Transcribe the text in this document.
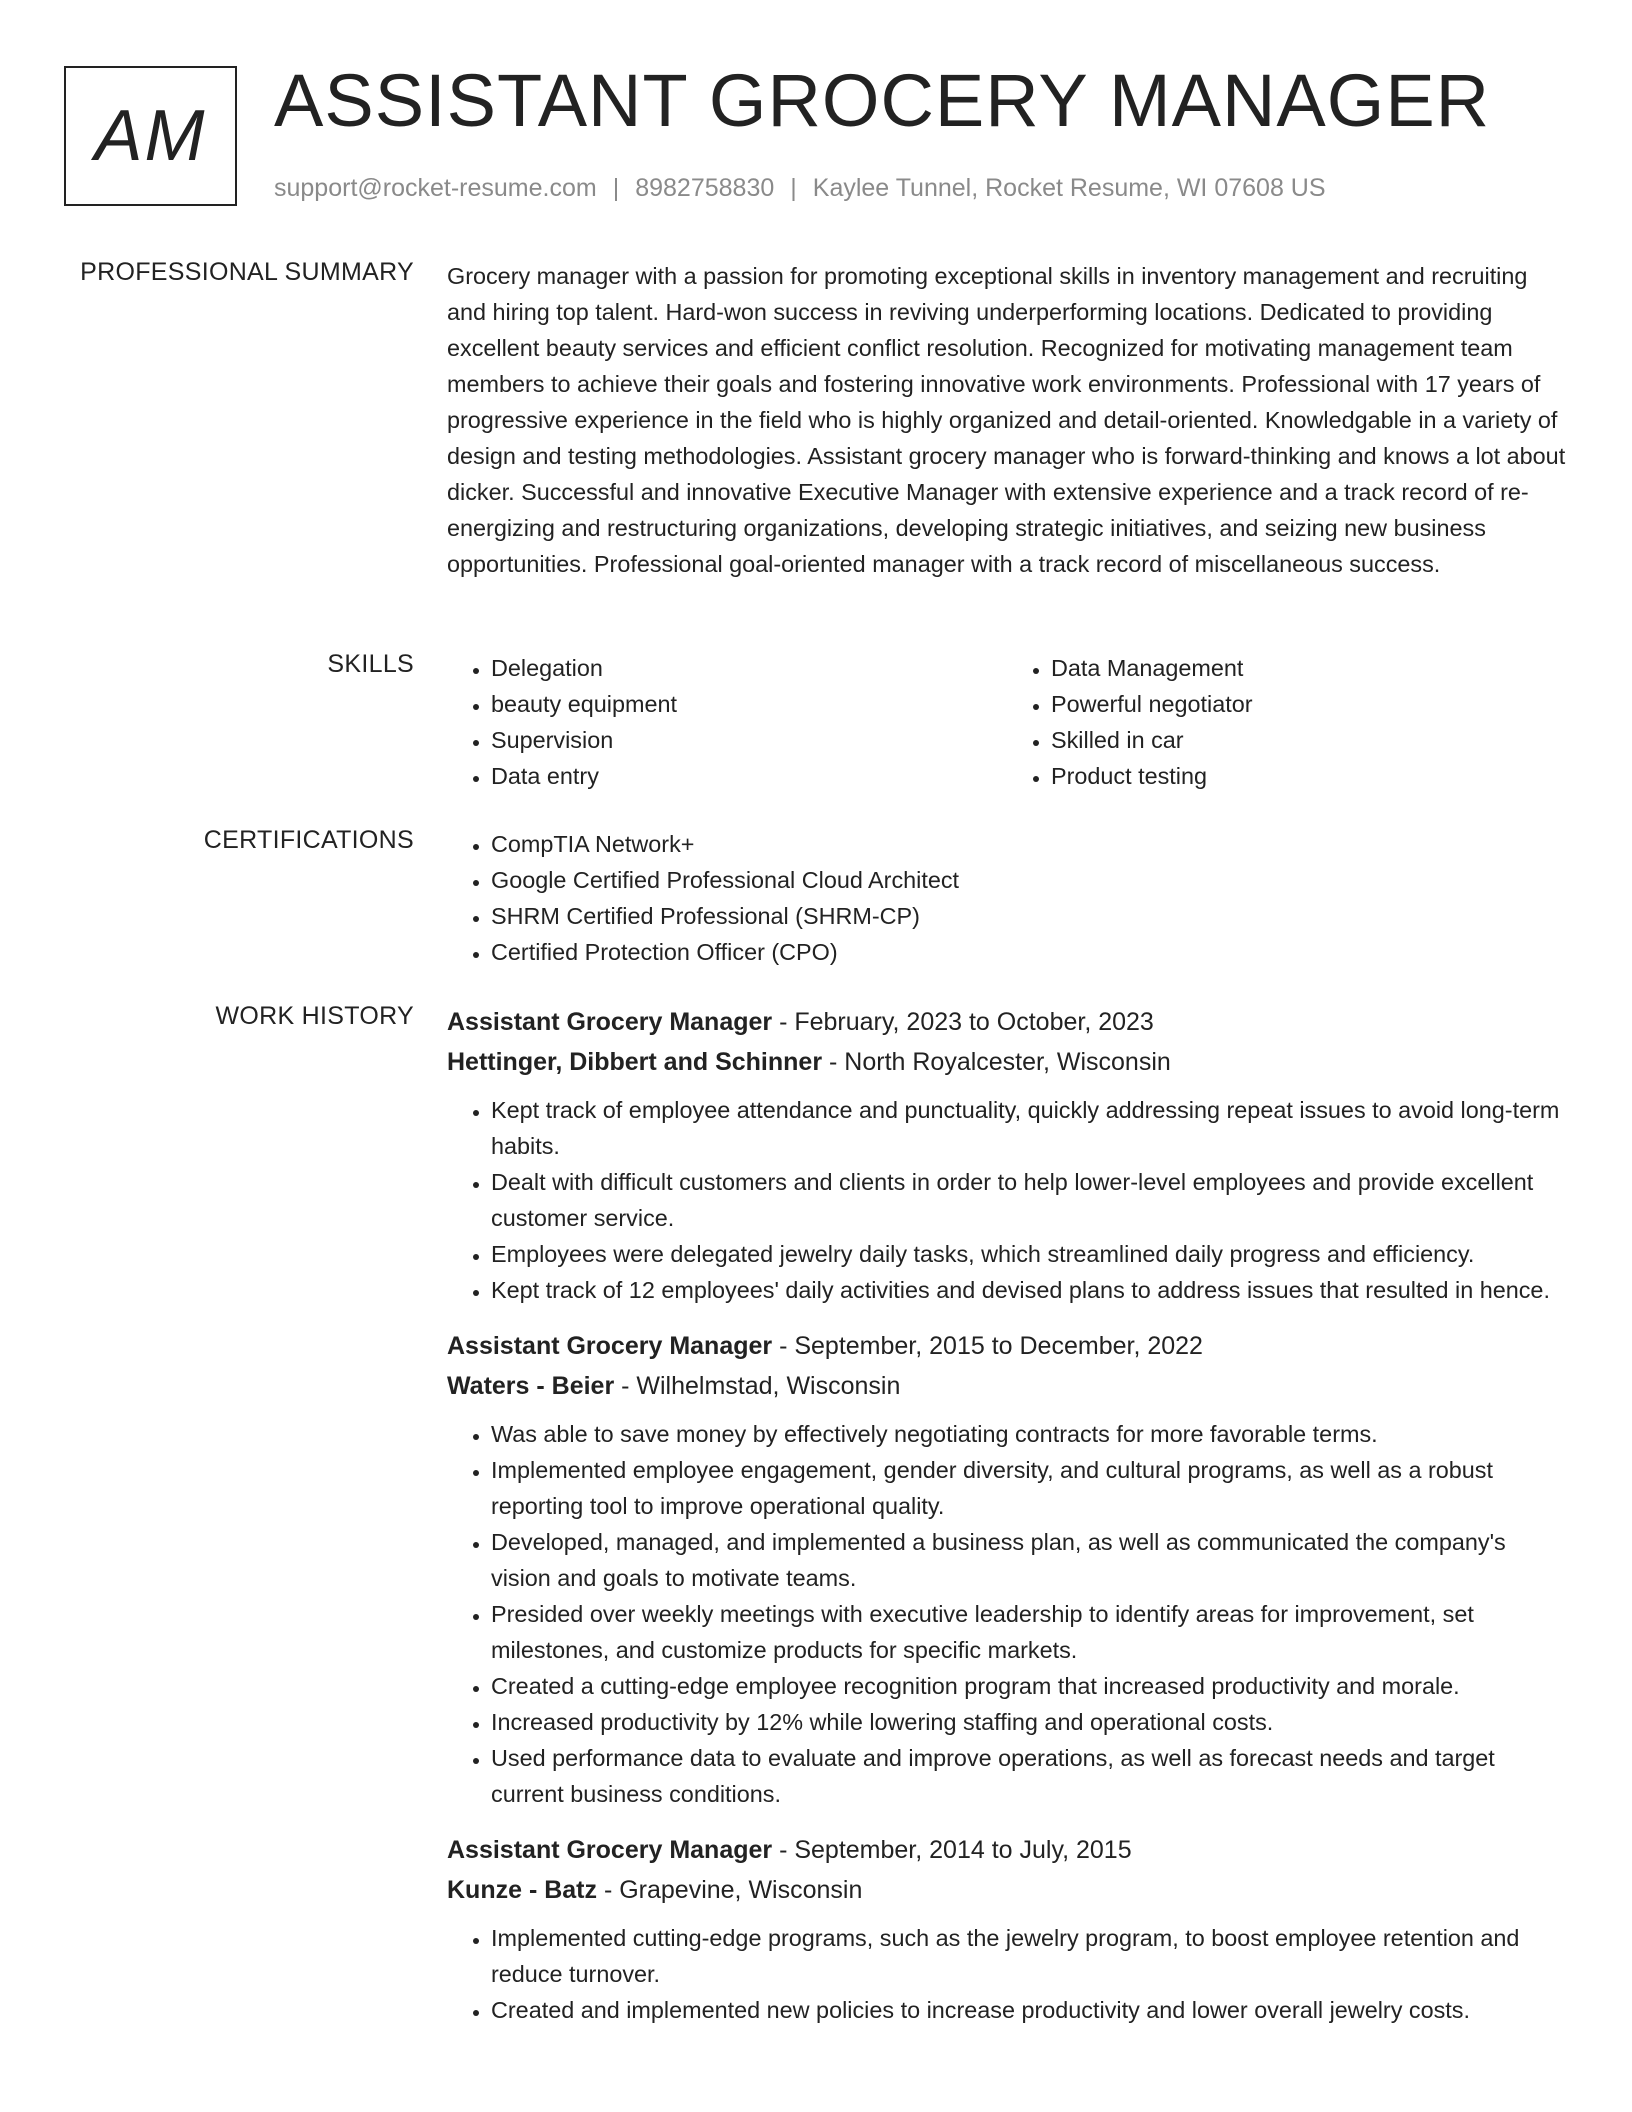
AM ASSISTANT GROCERY MANAGER
support@rocket-resume.com | 8982758830 | Kaylee Tunnel, Rocket Resume, WI 07608 US
PROFESSIONAL SUMMARY Grocery manager with a passion for promoting exceptional skills in inventory management and recruiting and hiring top talent. Hard-won success in reviving underperforming locations. Dedicated to providing excellent beauty services and efficient conflict resolution. Recognized for motivating management team members to achieve their goals and fostering innovative work environments. Professional with 17 years of progressive experience in the field who is highly organized and detail-oriented. Knowledgable in a variety of design and testing methodologies. Assistant grocery manager who is forward-thinking and knows a lot about dicker. Successful and innovative Executive Manager with extensive experience and a track record of re-energizing and restructuring organizations, developing strategic initiatives, and seizing new business opportunities. Professional goal-oriented manager with a track record of miscellaneous success.

SKILLS	• Delegation
• beauty equipment
• Supervision
• Data entry
• Data Management
• Powerful negotiator
• Skilled in car
• Product testing
CERTIFICATIONS	• CompTIA Network+
• Google Certified Professional Cloud Architect
• SHRM Certified Professional (SHRM-CP)
• Certified Protection Officer (CPO)
WORK HISTORY Assistant Grocery Manager - February, 2023 to October, 2023
Hettinger, Dibbert and Schinner - North Royalcester, Wisconsin
• Kept track of employee attendance and punctuality, quickly addressing repeat issues to avoid long-term habits.
• Dealt with difficult customers and clients in order to help lower-level employees and provide excellent customer service.
• Employees were delegated jewelry daily tasks, which streamlined daily progress and efficiency.
• Kept track of 12 employees' daily activities and devised plans to address issues that resulted in hence.
Assistant Grocery Manager - September, 2015 to December, 2022
Waters - Beier - Wilhelmstad, Wisconsin
• Was able to save money by effectively negotiating contracts for more favorable terms.
• Implemented employee engagement, gender diversity, and cultural programs, as well as a robust reporting tool to improve operational quality.
• Developed, managed, and implemented a business plan, as well as communicated the company's vision and goals to motivate teams.
• Presided over weekly meetings with executive leadership to identify areas for improvement, set milestones, and customize products for specific markets.
• Created a cutting-edge employee recognition program that increased productivity and morale.
• Increased productivity by 12% while lowering staffing and operational costs.
• Used performance data to evaluate and improve operations, as well as forecast needs and target current business conditions.
Assistant Grocery Manager - September, 2014 to July, 2015
Kunze - Batz - Grapevine, Wisconsin
• Implemented cutting-edge programs, such as the jewelry program, to boost employee retention and reduce turnover.
• Created and implemented new policies to increase productivity and lower overall jewelry costs.
